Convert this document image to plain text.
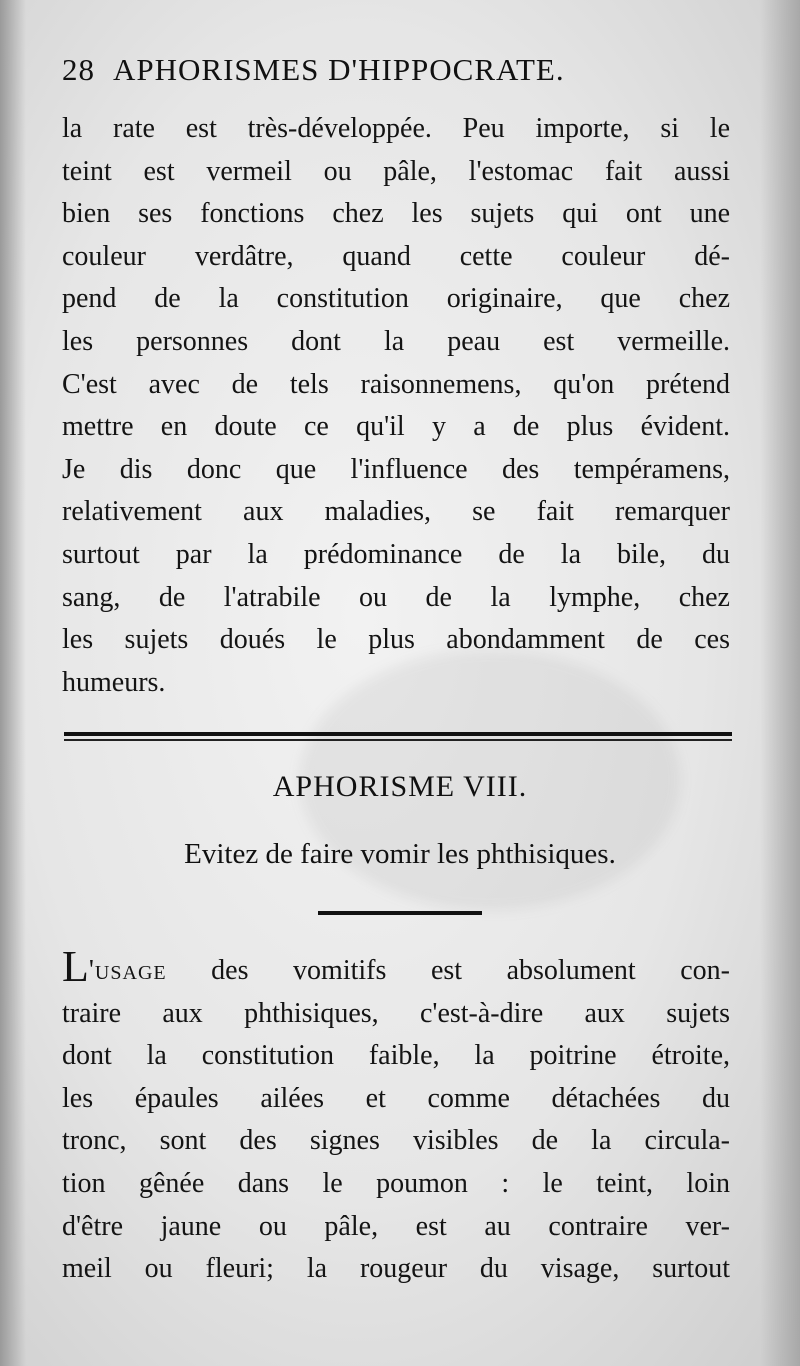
28 APHORISMES D'HIPPOCRATE.
la rate est très-développée. Peu importe, si le
teint est vermeil ou pâle, l'estomac fait aussi
bien ses fonctions chez les sujets qui ont une
couleur verdâtre, quand cette couleur dé-
pend de la constitution originaire, que chez
les personnes dont la peau est vermeille.
C'est avec de tels raisonnemens, qu'on prétend
mettre en doute ce qu'il y a de plus évident.
Je dis donc que l'influence des tempéramens,
relativement aux maladies, se fait remarquer
surtout par la prédominance de la bile, du
sang, de l'atrabile ou de la lymphe, chez
les sujets doués le plus abondamment de ces
humeurs.
APHORISME VIII.
Evitez de faire vomir les phthisiques.
L'usage des vomitifs est absolument con-
traire aux phthisiques, c'est-à-dire aux sujets
dont la constitution faible, la poitrine étroite,
les épaules ailées et comme détachées du
tronc, sont des signes visibles de la circula-
tion gênée dans le poumon : le teint, loin
d'être jaune ou pâle, est au contraire ver-
meil ou fleuri; la rougeur du visage, surtout
